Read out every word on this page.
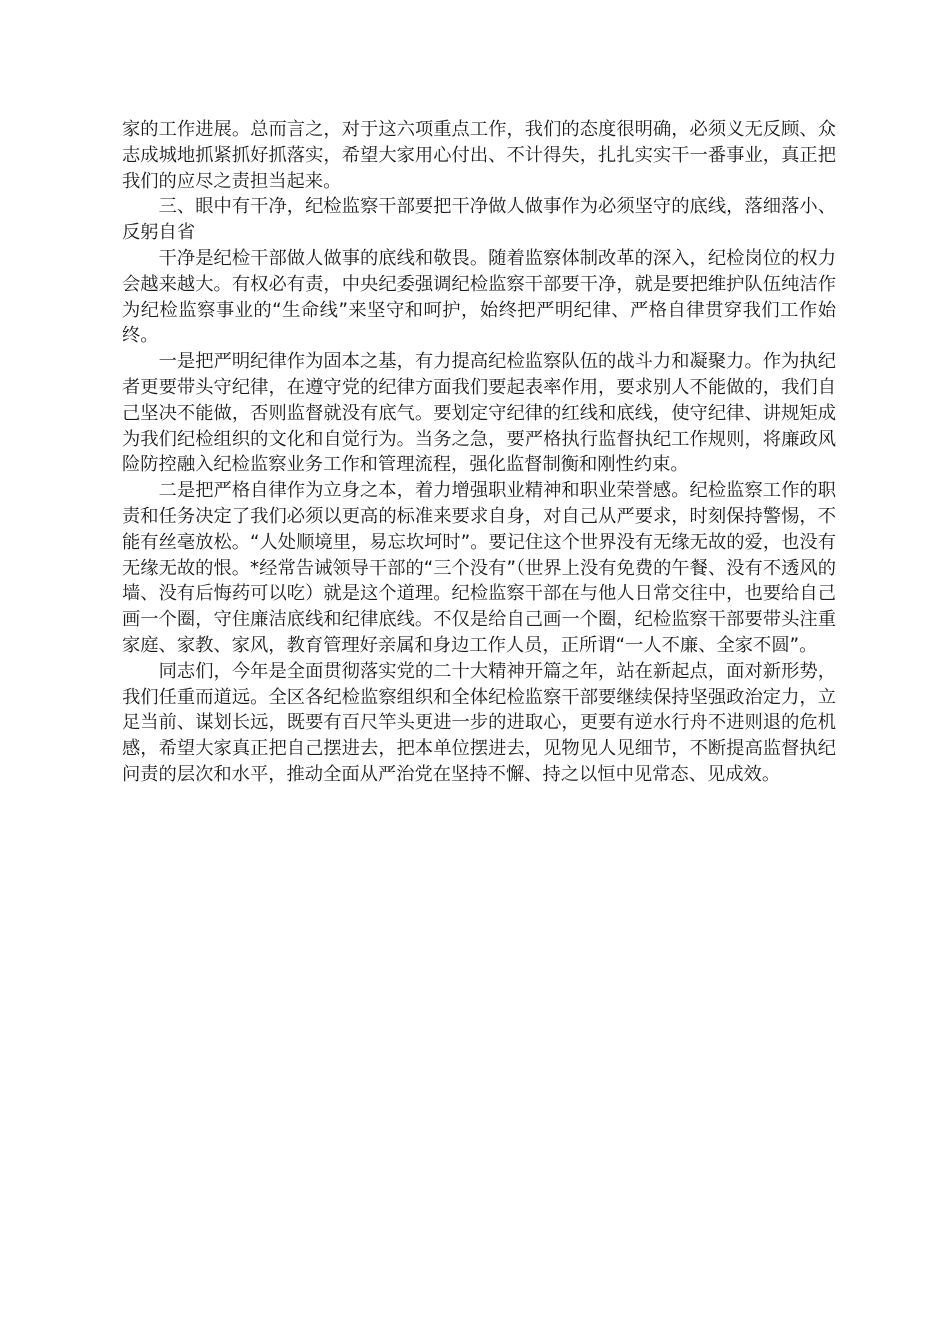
家的工作进展。总而言之，对于这六项重点工作，我们的态度很明确，必须义无反顾、众志成城地抓紧抓好抓落实，希望大家用心付出、不计得失，扎扎实实干一番事业，真正把我们的应尽之责担当起来。

三、眼中有干净，纪检监察干部要把干净做人做事作为必须坚守的底线，落细落小、反躬自省

干净是纪检干部做人做事的底线和敬畏。随着监察体制改革的深入，纪检岗位的权力会越来越大。有权必有责，中央纪委强调纪检监察干部要干净，就是要把维护队伍纯洁作为纪检监察事业的“生命线”来坚守和呵护，始终把严明纪律、严格自律贯穿我们工作始终。

一是把严明纪律作为固本之基，有力提高纪检监察队伍的战斗力和凝聚力。作为执纪者更要带头守纪律，在遵守党的纪律方面我们要起表率作用，要求别人不能做的，我们自己坚决不能做，否则监督就没有底气。要划定守纪律的红线和底线，使守纪律、讲规矩成为我们纪检组织的文化和自觉行为。当务之急，要严格执行监督执纪工作规则，将廉政风险防控融入纪检监察业务工作和管理流程，强化监督制衡和刚性约束。

二是把严格自律作为立身之本，着力增强职业精神和职业荣誉感。纪检监察工作的职责和任务决定了我们必须以更高的标准来要求自身，对自己从严要求，时刻保持警惕，不能有丝毫放松。“人处顺境里，易忘坎坷时”。要记住这个世界没有无缘无故的爱，也没有无缘无故的恨。*经常告诫领导干部的“三个没有”（世界上没有免费的午餐、没有不透风的墙、没有后悔药可以吃）就是这个道理。纪检监察干部在与他人日常交往中，也要给自己画一个圈，守住廉洁底线和纪律底线。不仅是给自己画一个圈，纪检监察干部要带头注重家庭、家教、家风，教育管理好亲属和身边工作人员，正所谓“一人不廉、全家不圆”。

同志们，今年是全面贯彻落实党的二十大精神开篇之年，站在新起点，面对新形势，我们任重而道远。全区各纪检监察组织和全体纪检监察干部要继续保持坚强政治定力，立足当前、谋划长远，既要有百尺竿头更进一步的进取心，更要有逆水行舟不进则退的危机感，希望大家真正把自己摆进去，把本单位摆进去，见物见人见细节，不断提高监督执纪问责的层次和水平，推动全面从严治党在坚持不懈、持之以恒中见常态、见成效。
